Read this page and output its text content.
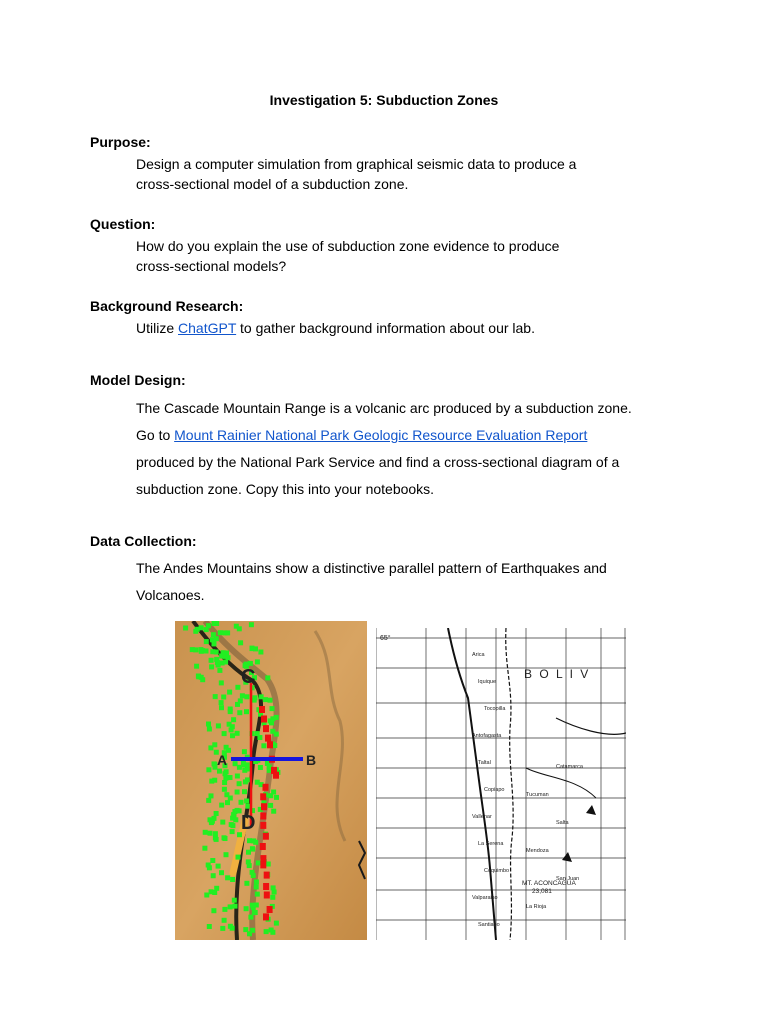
Investigation 5: Subduction Zones
Purpose:
Design a computer simulation from graphical seismic data to produce a
cross-sectional model of a subduction zone.
Question:
How do you explain the use of subduction zone evidence to produce
cross-sectional models?
Background Research:
Utilize ChatGPT to gather background information about our lab.
Model Design:
The Cascade Mountain Range is a volcanic arc produced by a subduction zone.
Go to Mount Rainier National Park Geologic Resource Evaluation Report
produced by the National Park Service and find a cross-sectional diagram of a
subduction zone. Copy this into your notebooks.
Data Collection:
The Andes Mountains show a distinctive parallel pattern of Earthquakes and
Volcanoes.
A	B
C
D
B O L I V
65°
MT. ACONCAGUA
23,081
Arica
Iquique
Tocopilla
Antofagasta
Taltal
Copiapo
Vallenar
La Serena
Coquimbo
Valparaiso
Santiago
Catamarca
Tucuman
Salta
Mendoza
San Juan
La Rioja
